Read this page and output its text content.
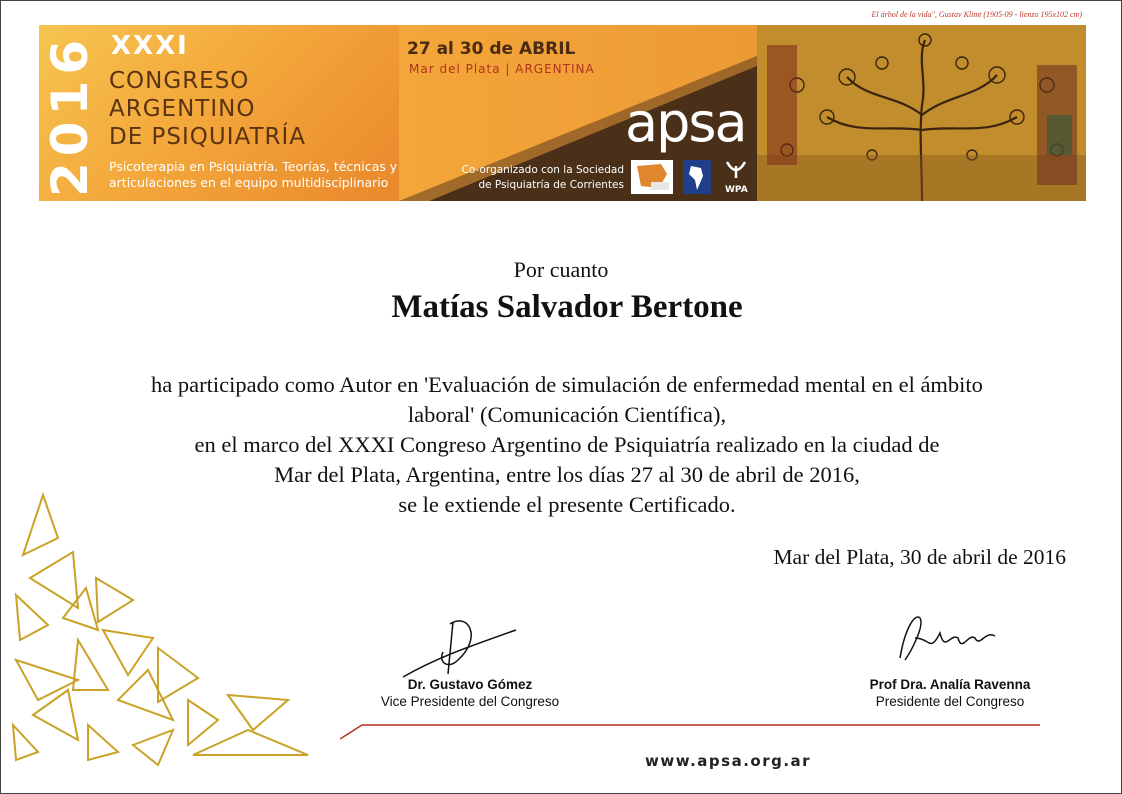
El árbol de la vida", Gustav Klimt (1905-09 - lienzo 195x102 cm)
2016 XXXI
CONGRESO
ARGENTINO
DE PSIQUIATRÍA
Psicoterapia en Psiquiatría. Teorías, técnicas y
articulaciones en el equipo multidisciplinario
27 al 30 de ABRIL
Mar del Plata | ARGENTINA
apsa
Co-organizado con la Sociedad
de Psiquiatría de Corrientes	WPA
Por cuanto
Matías Salvador Bertone
ha participado como Autor en 'Evaluación de simulación de enfermedad mental en el ámbito
laboral' (Comunicación Científica),
en el marco del XXXI Congreso Argentino de Psiquiatría realizado en la ciudad de
Mar del Plata, Argentina, entre los días 27 al 30 de abril de 2016,
se le extiende el presente Certificado.
Mar del Plata, 30 de abril de 2016
Dr. Gustavo Gómez
Vice Presidente del Congreso
Prof Dra. Analía Ravenna
Presidente del Congreso
www.apsa.org.ar
